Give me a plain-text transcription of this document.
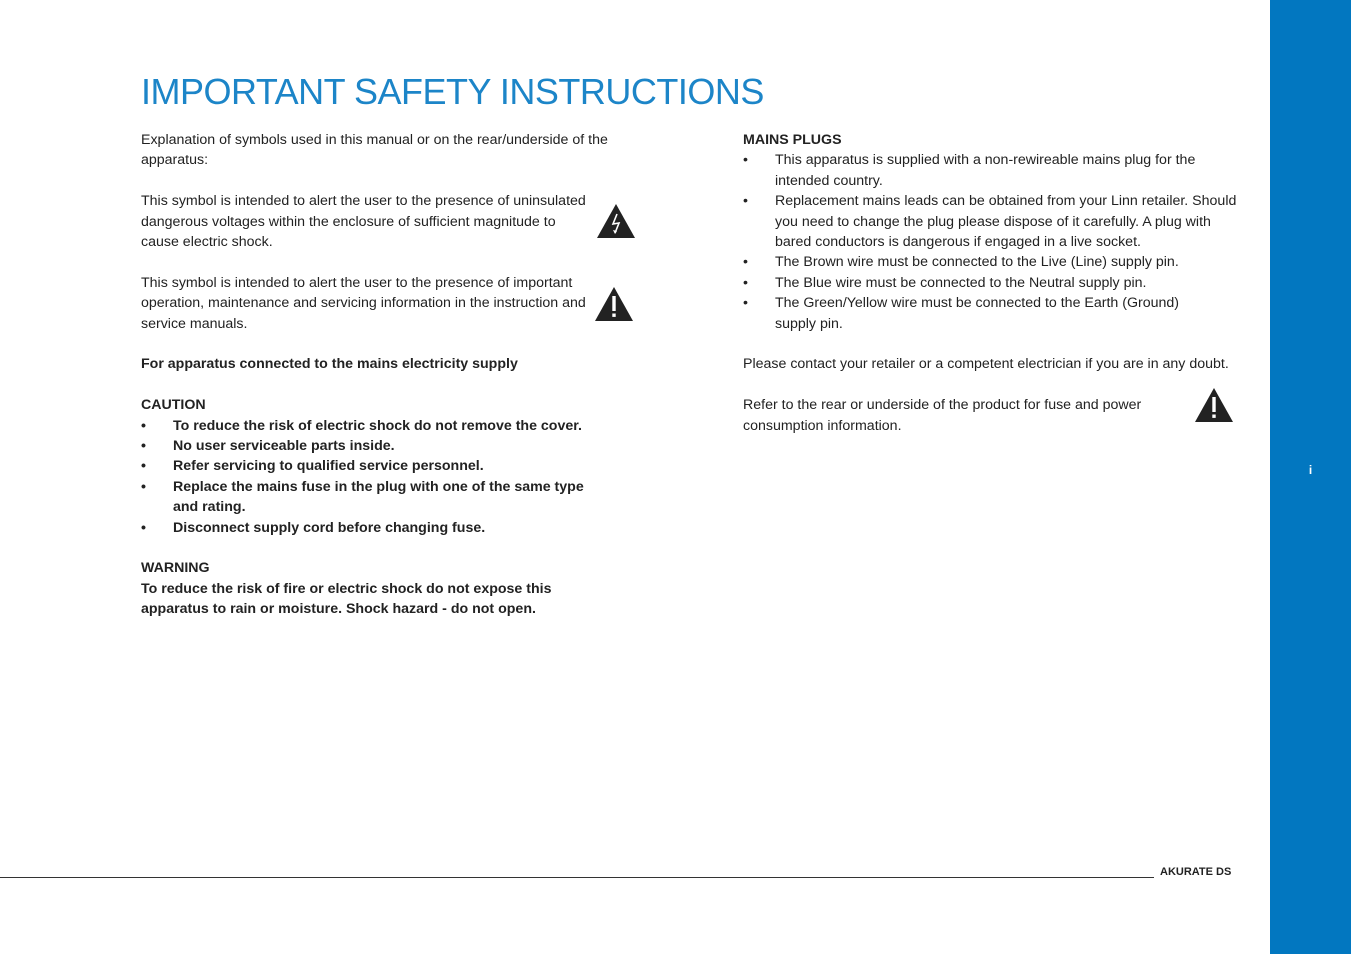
i
IMPORTANT SAFETY INSTRUCTIONS

Explanation of symbols used in this manual or on the rear/underside of the apparatus:

This symbol is intended to alert the user to the presence of uninsulated dangerous voltages within the enclosure of sufficient magnitude to cause electric shock.

This symbol is intended to alert the user to the presence of important operation, maintenance and servicing information in the instruction and service manuals.

For apparatus connected to the mains electricity supply

CAUTION

• To reduce the risk of electric shock do not remove the cover.
• No user serviceable parts inside.
• Refer servicing to qualified service personnel.
• Replace the mains fuse in the plug with one of the same type and rating.
• Disconnect supply cord before changing fuse.

WARNING

To reduce the risk of fire or electric shock do not expose this apparatus to rain or moisture. Shock hazard - do not open.

MAINS PLUGS

• This apparatus is supplied with a non-rewireable mains plug for the intended country.
• Replacement mains leads can be obtained from your Linn retailer. Should you need to change the plug please dispose of it carefully. A plug with bared conductors is dangerous if engaged in a live socket.
• The Brown wire must be connected to the Live (Line) supply pin.
• The Blue wire must be connected to the Neutral supply pin.
• The Green/Yellow wire must be connected to the Earth (Ground) supply pin.

Please contact your retailer or a competent electrician if you are in any doubt.

Refer to the rear or underside of the product for fuse and power consumption information.

AKURATE DS
